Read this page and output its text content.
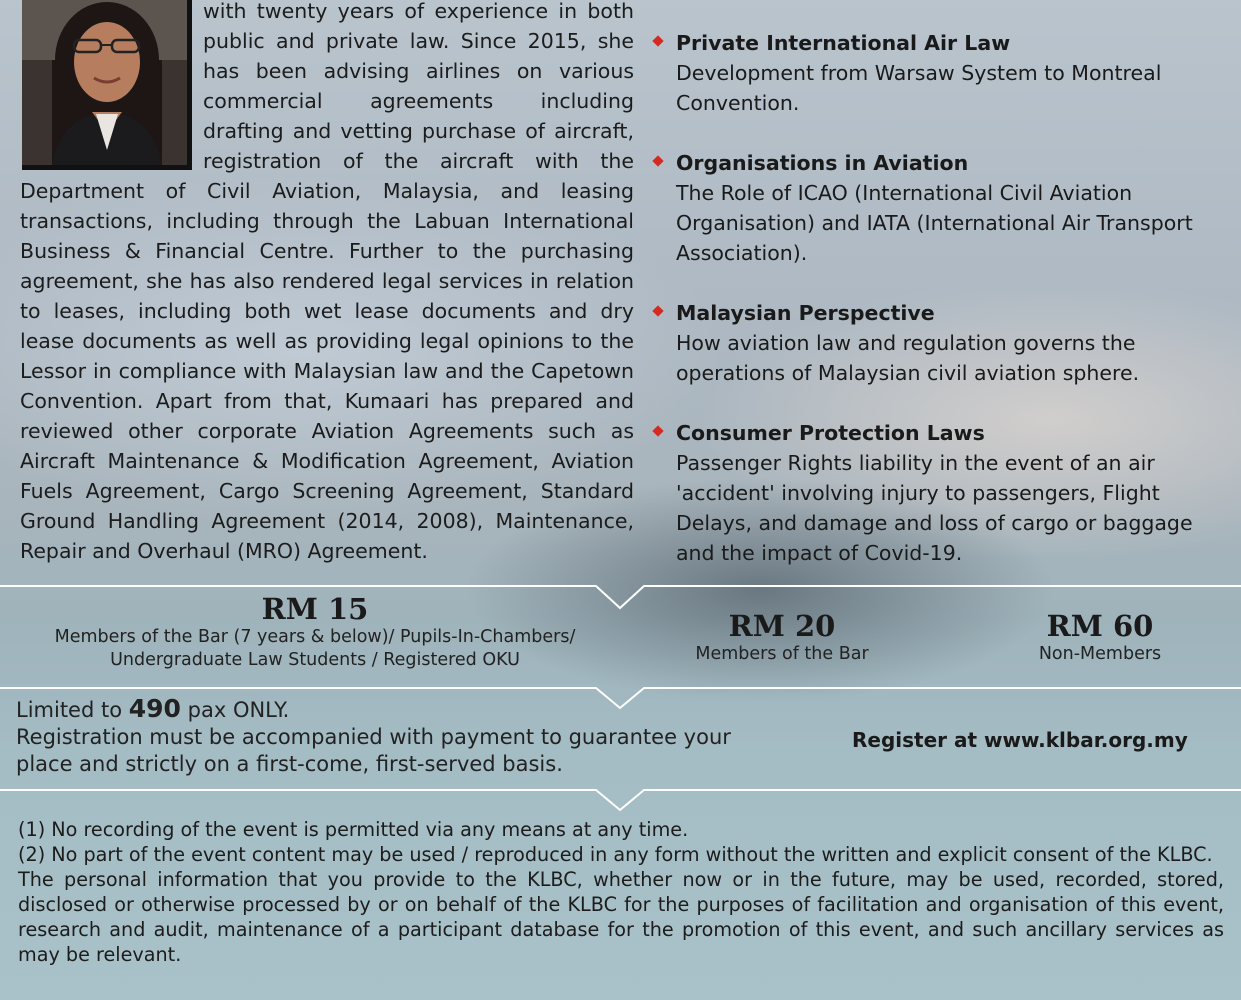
with twenty years of experience in both public and private law. Since 2015, she has been advising airlines on various commercial agreements including drafting and vetting purchase of aircraft, registration of the aircraft with the Department of Civil Aviation, Malaysia, and leasing transactions, including through the Labuan International Business & Financial Centre. Further to the purchasing agreement, she has also rendered legal services in relation to leases, including both wet lease documents and dry lease documents as well as providing legal opinions to the Lessor in compliance with Malaysian law and the Capetown Convention. Apart from that, Kumaari has prepared and reviewed other corporate Aviation Agreements such as Aircraft Maintenance & Modification Agreement, Aviation Fuels Agreement, Cargo Screening Agreement, Standard Ground Handling Agreement (2014, 2008), Maintenance, Repair and Overhaul (MRO) Agreement.
Private International Air Law
Development from Warsaw System to Montreal Convention.
Organisations in Aviation
The Role of ICAO (International Civil Aviation Organisation) and IATA (International Air Transport Association).
Malaysian Perspective
How aviation law and regulation governs the operations of Malaysian civil aviation sphere.
Consumer Protection Laws
Passenger Rights liability in the event of an air 'accident' involving injury to passengers, Flight Delays, and damage and loss of cargo or baggage and the impact of Covid-19.
RM 15
Members of the Bar (7 years & below)/ Pupils-In-Chambers/
Undergraduate Law Students / Registered OKU
RM 20
Members of the Bar
RM 60
Non-Members
Limited to 490 pax ONLY.
Registration must be accompanied with payment to guarantee your
place and strictly on a first-come, first-served basis.
Register at www.klbar.org.my

(1) No recording of the event is permitted via any means at any time.

(2) No part of the event content may be used / reproduced in any form without the written and explicit consent of the KLBC.

The personal information that you provide to the KLBC, whether now or in the future, may be used, recorded, stored, disclosed or otherwise processed by or on behalf of the KLBC for the purposes of facilitation and organisation of this event, research and audit, maintenance of a participant database for the promotion of this event, and such ancillary services as may be relevant.
